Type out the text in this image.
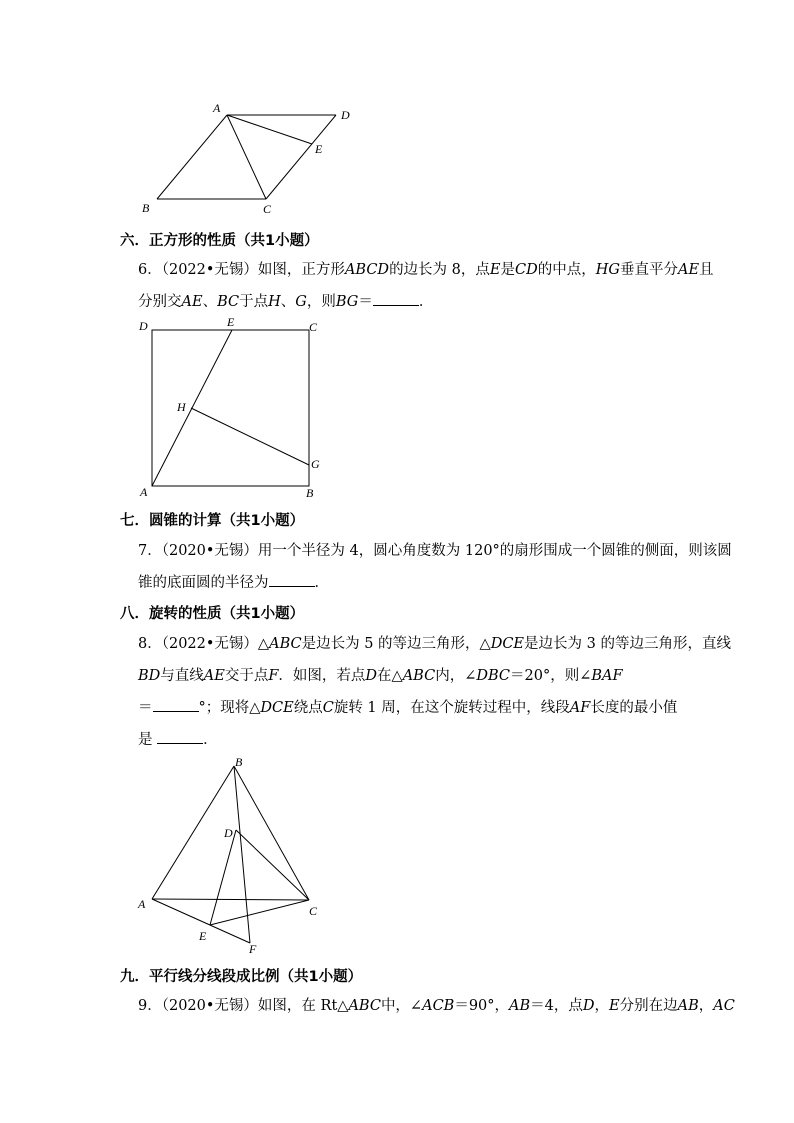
A	D
E
B	C
六．正方形的性质（共1小题）
6．（2022•无锡）如图，正方形ABCD的边长为 8，点E是CD的中点，HG垂直平分AE且
分别交AE、BC于点H、G，则BG＝	．
D	E	C
H
G
A	B
七．圆锥的计算（共1小题）
7．（2020•无锡）用一个半径为 4，圆心角度数为 120°的扇形围成一个圆锥的侧面，则该圆
锥的底面圆的半径为	．
八．旋转的性质（共1小题）
8．（2022•无锡）△ABC是边长为 5 的等边三角形，△DCE是边长为 3 的等边三角形，直线
BD与直线AE交于点F．如图，若点D在△ABC内，∠DBC＝20°，则∠BAF
＝	°；现将△DCE绕点C旋转 1 周，在这个旋转过程中，线段AF长度的最小值
是	．
B
D
A	C
E
F
九．平行线分线段成比例（共1小题）
9．（2020•无锡）如图，在 Rt△ABC中，∠ACB＝90°，AB＝4，点D，E分别在边AB，AC
